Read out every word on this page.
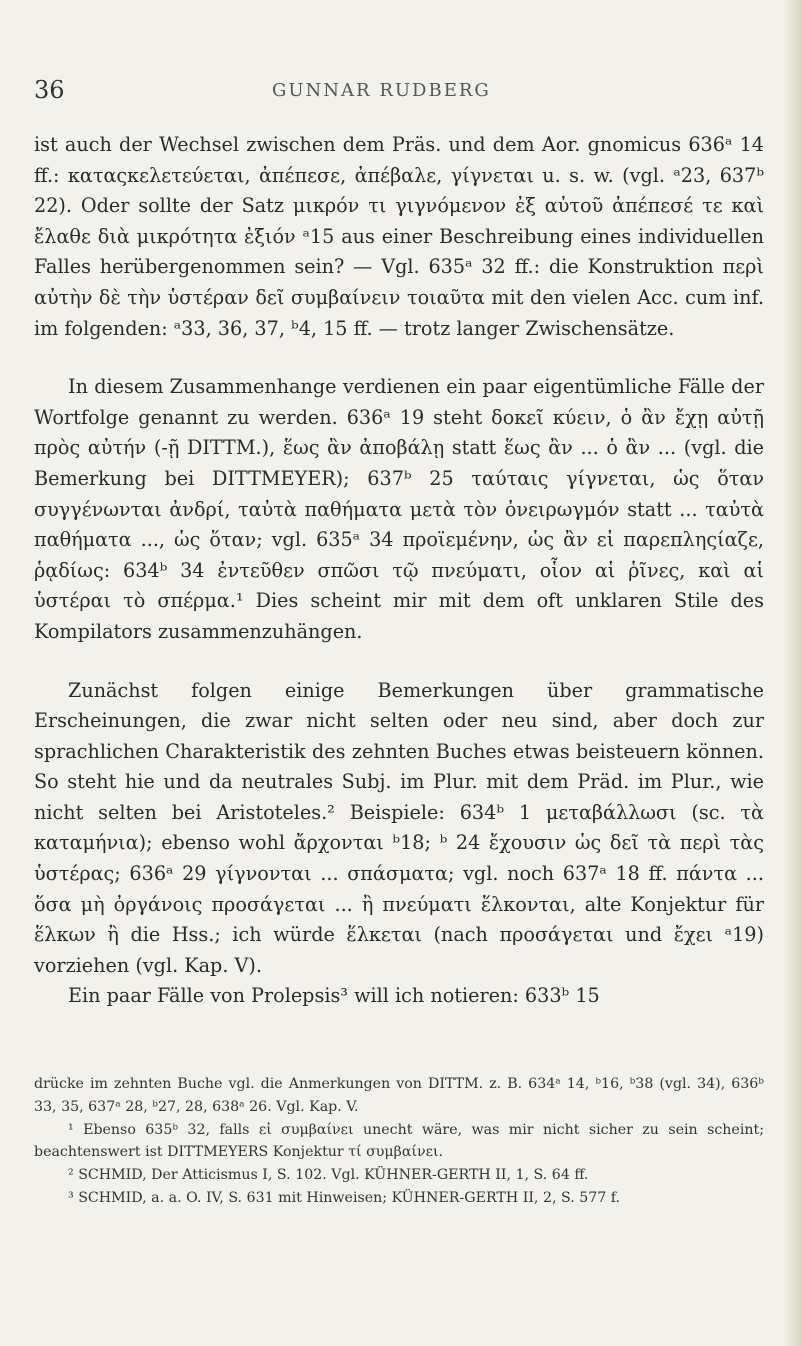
36	GUNNAR RUDBERG

ist auch der Wechsel zwischen dem Präs. und dem Aor. gnomicus 636ᵃ 14 ff.: καταςκελετεύεται, ἀπέπεσε, ἀπέβαλε, γίγνεται u. s. w. (vgl. ᵃ23, 637ᵇ 22). Oder sollte der Satz μικρόν τι γιγνόμενον ἐξ αὐτοῦ ἀπέπεσέ τε καὶ ἔλαθε διὰ μικρότητα ἐξιόν ᵃ15 aus einer Beschreibung eines individuellen Falles herübergenommen sein? — Vgl. 635ᵃ 32 ff.: die Konstruktion περὶ αὐτὴν δὲ τὴν ὑστέραν δεῖ συμβαίνειν τοιαῦτα mit den vielen Acc. cum inf. im folgenden: ᵃ33, 36, 37, ᵇ4, 15 ff. — trotz langer Zwischensätze.

In diesem Zusammenhange verdienen ein paar eigentümliche Fälle der Wortfolge genannt zu werden. 636ᵃ 19 steht δοκεῖ κύειν, ὁ ἂν ἔχῃ αὐτῇ πρὸς αὐτήν (-ῇ DITTM.), ἕως ἂν ἀποβάλῃ statt ἕως ἂν ... ὁ ἂν ... (vgl. die Bemerkung bei DITTMEYER); 637ᵇ 25 ταύταις γίγνεται, ὡς ὅταν συγγένωνται ἀνδρί, ταὐτὰ παθήματα μετὰ τὸν ὀνειρωγμόν statt ... ταὐτὰ παθήματα ..., ὡς ὅταν; vgl. 635ᵃ 34 προϊεμένην, ὡς ἂν εἰ παρεπληςίαζε, ῥᾳδίως: 634ᵇ 34 ἐντεῦθεν σπῶσι τῷ πνεύματι, οἷον αἱ ῥῖνες, καὶ αἱ ὑστέραι τὸ σπέρμα.¹ Dies scheint mir mit dem oft unklaren Stile des Kompilators zusammenzuhängen.

Zunächst folgen einige Bemerkungen über grammatische Erscheinungen, die zwar nicht selten oder neu sind, aber doch zur sprachlichen Charakteristik des zehnten Buches etwas beisteuern können. So steht hie und da neutrales Subj. im Plur. mit dem Präd. im Plur., wie nicht selten bei Aristoteles.² Beispiele: 634ᵇ 1 μεταβάλλωσι (sc. τὰ καταμήνια); ebenso wohl ἄρχονται ᵇ18; ᵇ 24 ἔχουσιν ὡς δεῖ τὰ περὶ τὰς ὑστέρας; 636ᵃ 29 γίγνονται ... σπάσματα; vgl. noch 637ᵃ 18 ff. πάντα ... ὅσα μὴ ὀργάνοις προσάγεται ... ἢ πνεύματι ἕλκονται, alte Konjektur für ἕλκων ἢ die Hss.; ich würde ἕλκεται (nach προσάγεται und ἔχει ᵃ19) vorziehen (vgl. Kap. V).

Ein paar Fälle von Prolepsis³ will ich notieren: 633ᵇ 15

drücke im zehnten Buche vgl. die Anmerkungen von DITTM. z. B. 634ᵃ 14, ᵇ16, ᵇ38 (vgl. 34), 636ᵇ 33, 35, 637ᵃ 28, ᵇ27, 28, 638ᵃ 26. Vgl. Kap. V.

¹ Ebenso 635ᵇ 32, falls εἰ συμβαίνει unecht wäre, was mir nicht sicher zu sein scheint; beachtenswert ist DITTMEYERS Konjektur τί συμβαίνει.

² SCHMID, Der Atticismus I, S. 102. Vgl. KÜHNER-GERTH II, 1, S. 64 ff.

³ SCHMID, a. a. O. IV, S. 631 mit Hinweisen; KÜHNER-GERTH II, 2, S. 577 f.
